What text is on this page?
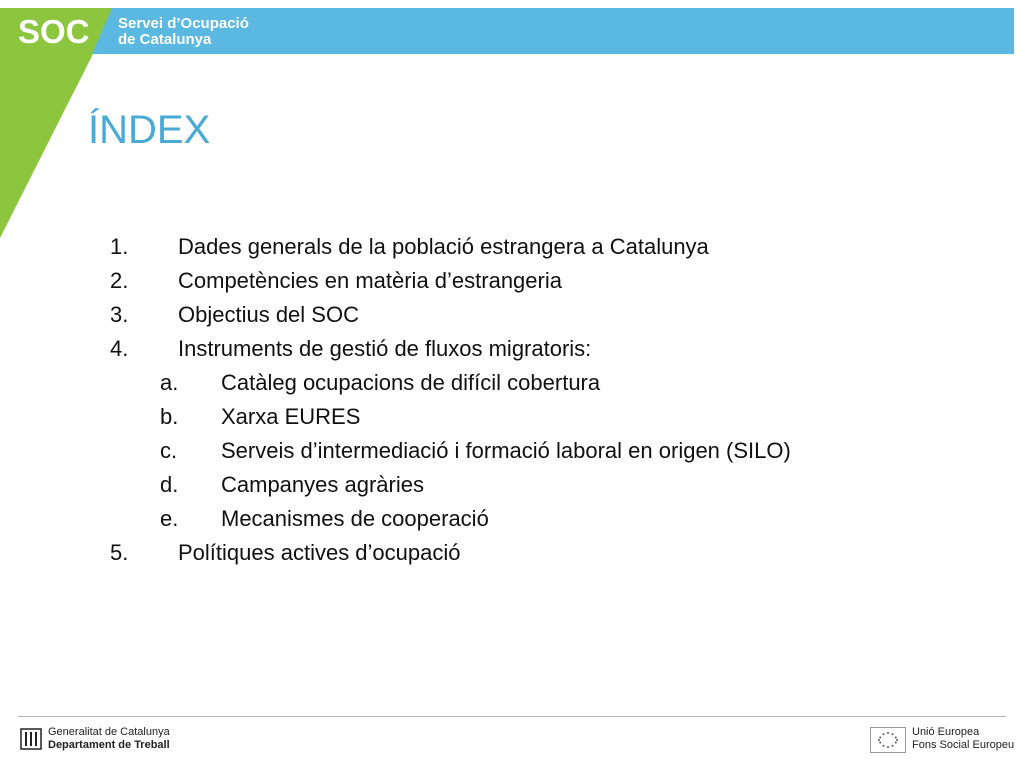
SOC Servei d’Ocupació
de Catalunya
ÍNDEX
1. Dades generals de la població estrangera a Catalunya
2. Competències en matèria d’estrangeria
3. Objectius del SOC
4. Instruments de gestió de fluxos migratoris:
a. Catàleg ocupacions de difícil cobertura
b. Xarxa EURES
c. Serveis d’intermediació i formació laboral en origen (SILO)
d. Campanyes agràries
e. Mecanismes de cooperació
5. Polítiques actives d’ocupació
Generalitat de Catalunya
Departament de Treball
Unió Europea
Fons Social Europeu
